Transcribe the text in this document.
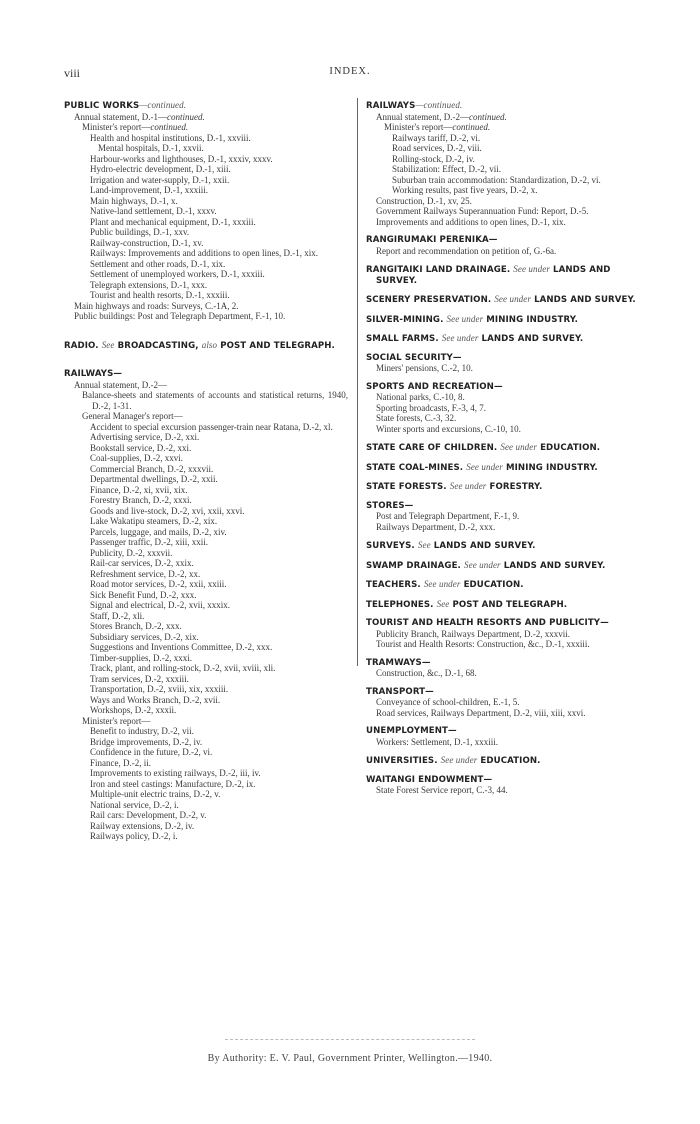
viii	INDEX.
PUBLIC WORKS—continued.
Annual statement, D.-1—continued.
Minister's report—continued.
Health and hospital institutions, D.-1, xxviii.
Mental hospitals, D.-1, xxvii.
Harbour-works and lighthouses, D.-1, xxxiv, xxxv.
Hydro-electric development, D.-1, xiii.
Irrigation and water-supply, D.-1, xxii.
Land-improvement, D.-1, xxxiii.
Main highways, D.-1, x.
Native-land settlement, D.-1, xxxv.
Plant and mechanical equipment, D.-1, xxxiii.
Public buildings, D.-1, xxv.
Railway-construction, D.-1, xv.
Railways: Improvements and additions to open lines, D.-1, xix.
Settlement and other roads, D.-1, xix.
Settlement of unemployed workers, D.-1, xxxiii.
Telegraph extensions, D.-1, xxx.
Tourist and health resorts, D.-1, xxxiii.
Main highways and roads: Surveys, C.-1A, 2.
Public buildings: Post and Telegraph Department, F.-1, 10.
RADIO. See BROADCASTING, also POST AND TELEGRAPH.
RAILWAYS—
Annual statement, D.-2—
Balance-sheets and statements of accounts and statistical returns, 1940, D.-2, 1-31.
General Manager's report—
Accident to special excursion passenger-train near Ratana, D.-2, xl.
Advertising service, D.-2, xxi.
Bookstall service, D.-2, xxi.
Coal-supplies, D.-2, xxvi.
Commercial Branch, D.-2, xxxvii.
Departmental dwellings, D.-2, xxii.
Finance, D.-2, xi, xvii, xix.
Forestry Branch, D.-2, xxxi.
Goods and live-stock, D.-2, xvi, xxii, xxvi.
Lake Wakatipu steamers, D.-2, xix.
Parcels, luggage, and mails, D.-2, xiv.
Passenger traffic, D.-2, xiii, xxii.
Publicity, D.-2, xxxvii.
Rail-car services, D.-2, xxix.
Refreshment service, D.-2, xx.
Road motor services, D.-2, xxii, xxiii.
Sick Benefit Fund, D.-2, xxx.
Signal and electrical, D.-2, xvii, xxxix.
Staff, D.-2, xli.
Stores Branch, D.-2, xxx.
Subsidiary services, D.-2, xix.
Suggestions and Inventions Committee, D.-2, xxx.
Timber-supplies, D.-2, xxxi.
Track, plant, and rolling-stock, D.-2, xvii, xviii, xli.
Tram services, D.-2, xxxiii.
Transportation, D.-2, xviii, xix, xxxiii.
Ways and Works Branch, D.-2, xvii.
Workshops, D.-2, xxxii.
Minister's report—
Benefit to industry, D.-2, vii.
Bridge improvements, D.-2, iv.
Confidence in the future, D.-2, vi.
Finance, D.-2, ii.
Improvements to existing railways, D.-2, iii, iv.
Iron and steel castings: Manufacture, D.-2, ix.
Multiple-unit electric trains, D.-2, v.
National service, D.-2, i.
Rail cars: Development, D.-2, v.
Railway extensions, D.-2, iv.
Railways policy, D.-2, i.
RAILWAYS—continued.
Annual statement, D.-2—continued.
Minister's report—continued.
Railways tariff, D.-2, vi.
Road services, D.-2, viii.
Rolling-stock, D.-2, iv.
Stabilization: Effect, D.-2, vii.
Suburban train accommodation: Standardization, D.-2, vi.
Working results, past five years, D.-2, x.
Construction, D.-1, xv, 25.
Government Railways Superannuation Fund: Report, D.-5.
Improvements and additions to open lines, D.-1, xix.
RANGIRUMAKI PERENIKA—
Report and recommendation on petition of, G.-6a.
RANGITAIKI LAND DRAINAGE. See under LANDS AND SURVEY.
SCENERY PRESERVATION. See under LANDS AND SURVEY.
SILVER-MINING. See under MINING INDUSTRY.
SMALL FARMS. See under LANDS AND SURVEY.
SOCIAL SECURITY—
Miners' pensions, C.-2, 10.
SPORTS AND RECREATION—
National parks, C.-10, 8.
Sporting broadcasts, F.-3, 4, 7.
State forests, C.-3, 32.
Winter sports and excursions, C.-10, 10.
STATE CARE OF CHILDREN. See under EDUCATION.
STATE COAL-MINES. See under MINING INDUSTRY.
STATE FORESTS. See under FORESTRY.
STORES—
Post and Telegraph Department, F.-1, 9.
Railways Department, D.-2, xxx.
SURVEYS. See LANDS AND SURVEY.
SWAMP DRAINAGE. See under LANDS AND SURVEY.
TEACHERS. See under EDUCATION.
TELEPHONES. See POST AND TELEGRAPH.
TOURIST AND HEALTH RESORTS AND PUBLICITY—
Publicity Branch, Railways Department, D.-2, xxxvii.
Tourist and Health Resorts: Construction, &c., D.-1, xxxiii.
TRAMWAYS—
Construction, &c., D.-1, 68.
TRANSPORT—
Conveyance of school-children, E.-1, 5.
Road services, Railways Department, D.-2, viii, xiii, xxvi.
UNEMPLOYMENT—
Workers: Settlement, D.-1, xxxiii.
UNIVERSITIES. See under EDUCATION.
WAITANGI ENDOWMENT—
State Forest Service report, C.-3, 44.
By Authority: E. V. Paul, Government Printer, Wellington.—1940.
